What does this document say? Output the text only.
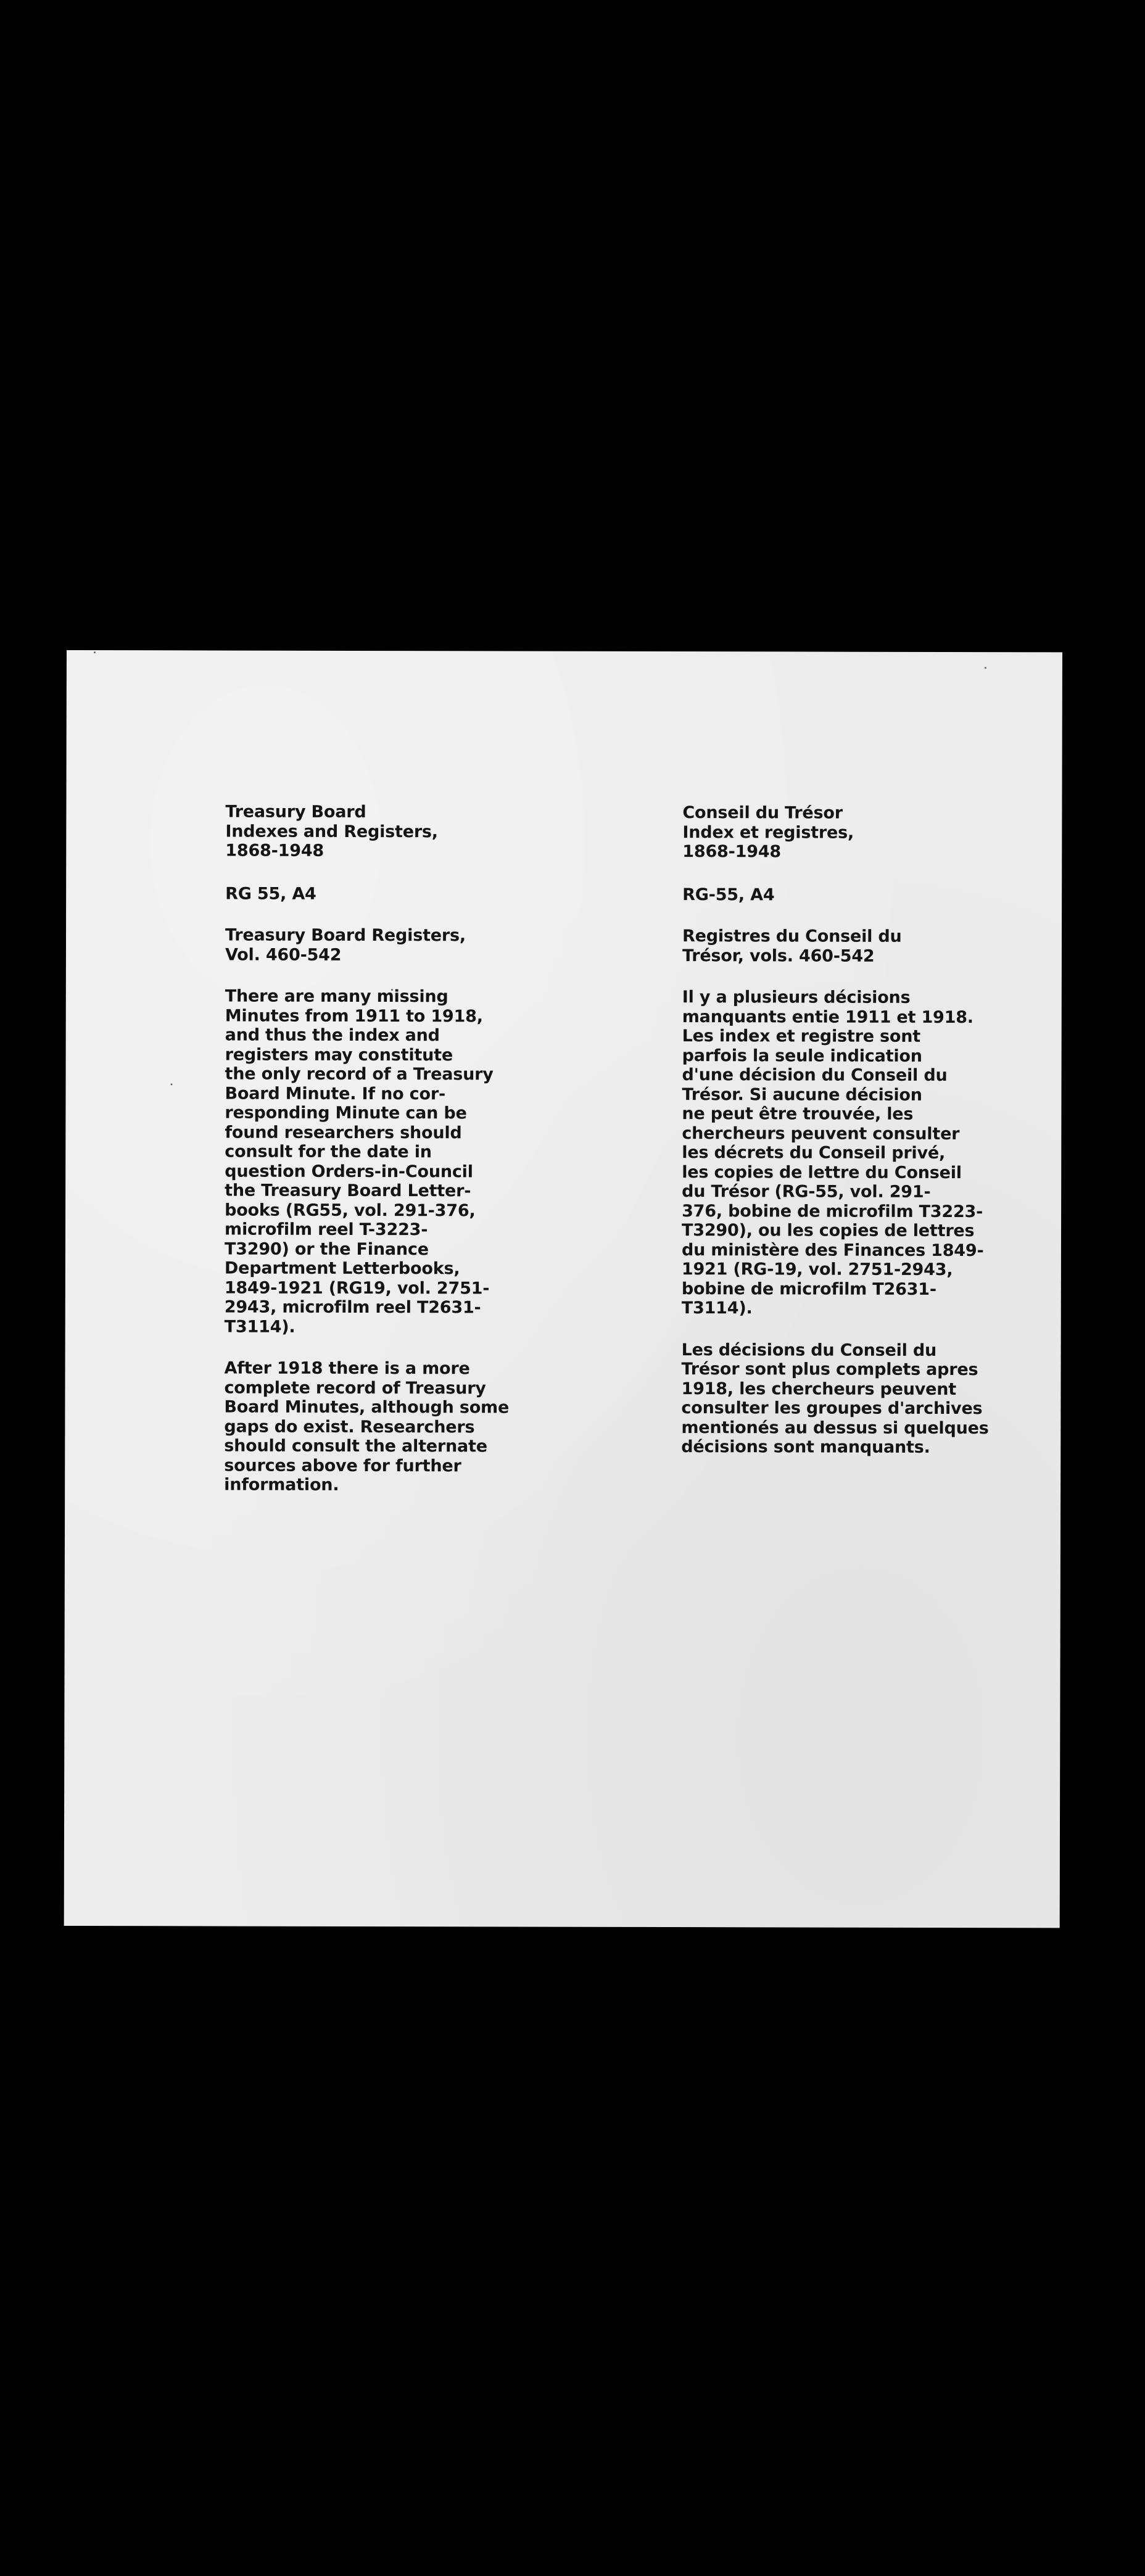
Treasury Board
Indexes and Registers,
1868-1948

RG 55, A4

Treasury Board Registers,
Vol. 460-542

There are many missing
Minutes from 1911 to 1918,
and thus the index and
registers may constitute
the only record of a Treasury
Board Minute. If no cor-
responding Minute can be
found researchers should
consult for the date in
question Orders-in-Council
the Treasury Board Letter-
books (RG55, vol. 291-376,
microfilm reel T-3223-
T3290) or the Finance
Department Letterbooks,
1849-1921 (RG19, vol. 2751-
2943, microfilm reel T2631-
T3114).

After 1918 there is a more
complete record of Treasury
Board Minutes, although some
gaps do exist. Researchers
should consult the alternate
sources above for further
information.

Conseil du Trésor
Index et registres,
1868-1948

RG-55, A4

Registres du Conseil du
Trésor, vols. 460-542

Il y a plusieurs décisions
manquants entie 1911 et 1918.
Les index et registre sont
parfois la seule indication
d'une décision du Conseil du
Trésor. Si aucune décision
ne peut être trouvée, les
chercheurs peuvent consulter
les décrets du Conseil privé,
les copies de lettre du Conseil
du Trésor (RG-55, vol. 291-
376, bobine de microfilm T3223-
T3290), ou les copies de lettres
du ministère des Finances 1849-
1921 (RG-19, vol. 2751-2943,
bobine de microfilm T2631-
T3114).

Les décisions du Conseil du
Trésor sont plus complets apres
1918, les chercheurs peuvent
consulter les groupes d'archives
mentionés au dessus si quelques
décisions sont manquants.
